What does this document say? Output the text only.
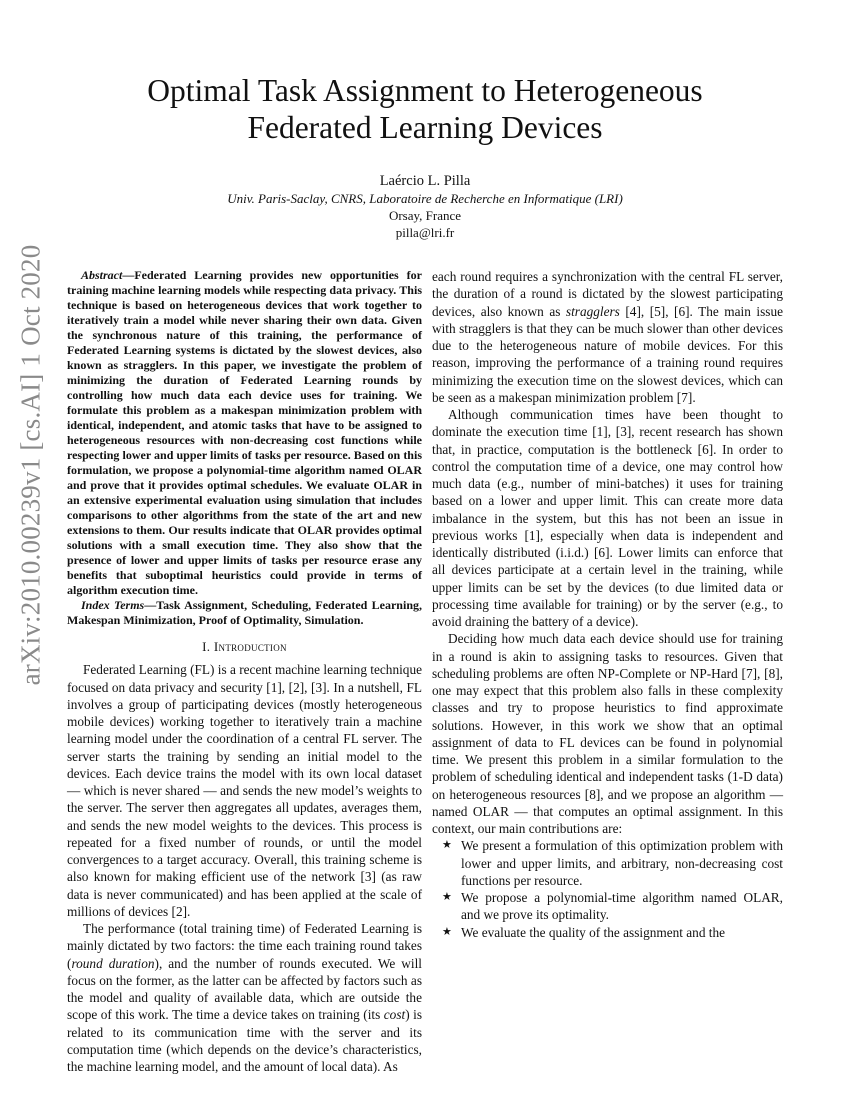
arXiv:2010.00239v1 [cs.AI] 1 Oct 2020
Optimal Task Assignment to Heterogeneous
Federated Learning Devices
Laércio L. Pilla
Univ. Paris-Saclay, CNRS, Laboratoire de Recherche en Informatique (LRI)
Orsay, France
pilla@lri.fr

Abstract—Federated Learning provides new opportunities for training machine learning models while respecting data privacy. This technique is based on heterogeneous devices that work together to iteratively train a model while never sharing their own data. Given the synchronous nature of this training, the performance of Federated Learning systems is dictated by the slowest devices, also known as stragglers. In this paper, we investigate the problem of minimizing the duration of Federated Learning rounds by controlling how much data each device uses for training. We formulate this problem as a makespan minimization problem with identical, independent, and atomic tasks that have to be assigned to heterogeneous resources with non-decreasing cost functions while respecting lower and upper limits of tasks per resource. Based on this formulation, we propose a polynomial-time algorithm named OLAR and prove that it provides optimal schedules. We evaluate OLAR in an extensive experimental evaluation using simulation that includes comparisons to other algorithms from the state of the art and new extensions to them. Our results indicate that OLAR provides optimal solutions with a small execution time. They also show that the presence of lower and upper limits of tasks per resource erase any benefits that suboptimal heuristics could provide in terms of algorithm execution time.

Index Terms—Task Assignment, Scheduling, Federated Learning, Makespan Minimization, Proof of Optimality, Simulation.

I. Introduction

Federated Learning (FL) is a recent machine learning technique focused on data privacy and security [1], [2], [3]. In a nutshell, FL involves a group of participating devices (mostly heterogeneous mobile devices) working together to iteratively train a machine learning model under the coordination of a central FL server. The server starts the training by sending an initial model to the devices. Each device trains the model with its own local dataset — which is never shared — and sends the new model’s weights to the server. The server then aggregates all updates, averages them, and sends the new model weights to the devices. This process is repeated for a fixed number of rounds, or until the model convergences to a target accuracy. Overall, this training scheme is also known for making efficient use of the network [3] (as raw data is never communicated) and has been applied at the scale of millions of devices [2].

The performance (total training time) of Federated Learning is mainly dictated by two factors: the time each training round takes (round duration), and the number of rounds executed. We will focus on the former, as the latter can be affected by factors such as the model and quality of available data, which are outside the scope of this work. The time a device takes on training (its cost) is related to its communication time with the server and its computation time (which depends on the device’s characteristics, the machine learning model, and the amount of local data). As

each round requires a synchronization with the central FL server, the duration of a round is dictated by the slowest participating devices, also known as stragglers [4], [5], [6]. The main issue with stragglers is that they can be much slower than other devices due to the heterogeneous nature of mobile devices. For this reason, improving the performance of a training round requires minimizing the execution time on the slowest devices, which can be seen as a makespan minimization problem [7].

Although communication times have been thought to dominate the execution time [1], [3], recent research has shown that, in practice, computation is the bottleneck [6]. In order to control the computation time of a device, one may control how much data (e.g., number of mini-batches) it uses for training based on a lower and upper limit. This can create more data imbalance in the system, but this has not been an issue in previous works [1], especially when data is independent and identically distributed (i.i.d.) [6]. Lower limits can enforce that all devices participate at a certain level in the training, while upper limits can be set by the devices (to due limited data or processing time available for training) or by the server (e.g., to avoid draining the battery of a device).

Deciding how much data each device should use for training in a round is akin to assigning tasks to resources. Given that scheduling problems are often NP-Complete or NP-Hard [7], [8], one may expect that this problem also falls in these complexity classes and try to propose heuristics to find approximate solutions. However, in this work we show that an optimal assignment of data to FL devices can be found in polynomial time. We present this problem in a similar formulation to the problem of scheduling identical and independent tasks (1-D data) on heterogeneous resources [8], and we propose an algorithm — named OLAR — that computes an optimal assignment. In this context, our main contributions are:

★ We present a formulation of this optimization problem with lower and upper limits, and arbitrary, non-decreasing cost functions per resource.
★ We propose a polynomial-time algorithm named OLAR, and we prove its optimality.
★ We evaluate the quality of the assignment and the
